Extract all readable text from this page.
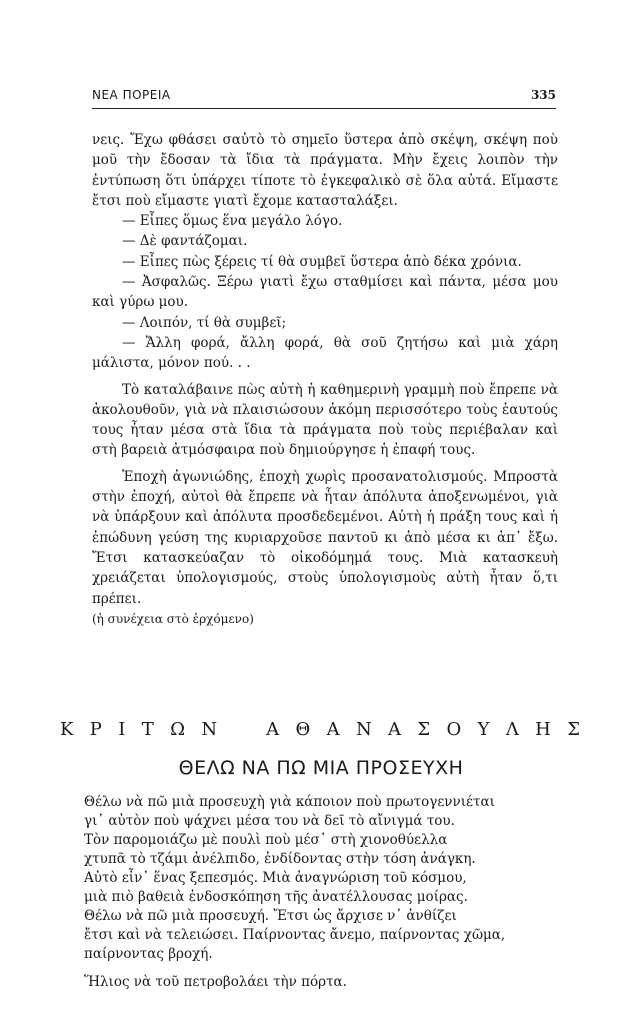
ΝΕΑ ΠΟΡΕΙΑ	335

νεις. Ἔχω φθάσει σαὐτὸ τὸ σημεῖο ὕστερα ἀπὸ σκέψη, σκέψη ποὺ μοῦ τὴν ἔδοσαν τὰ ἴδια τὰ πράγματα. Μὴν ἔχεις λοιπὸν τὴν ἐντύπωση ὅτι ὑπάρχει τίποτε τὸ ἐγκεφαλικὸ σὲ ὅλα αὐτά. Εἴμαστε ἔτσι ποὺ εἴμαστε γιατὶ ἔχομε κατασταλάξει.

— Εἶπες ὅμως ἕνα μεγάλο λόγο.

— Δὲ φαντάζομαι.

— Εἶπες πὼς ξέρεις τί θὰ συμβεῖ ὕστερα ἀπὸ δέκα χρόνια.

— Ἀσφαλῶς. Ξέρω γιατὶ ἔχω σταθμίσει καὶ πάντα, μέσα μου καὶ γύρω μου.

— Λοιπόν, τί θὰ συμβεῖ;

— Ἄλλη φορά, ἄλλη φορά, θὰ σοῦ ζητήσω καὶ μιὰ χάρη μάλιστα, μόνον πού. . .

Τὸ καταλάβαινε πὼς αὐτὴ ἡ καθημερινὴ γραμμὴ ποὺ ἔπρεπε νὰ ἀκολουθοῦν, γιὰ νὰ πλαισιώσουν ἀκόμη περισσότερο τοὺς ἑαυτούς τους ἦταν μέσα στὰ ἴδια τὰ πράγματα ποὺ τοὺς περιέβαλαν καὶ στὴ βαρειὰ ἀτμόσφαιρα ποὺ δημιούργησε ἡ ἐπαφή τους.

Ἐποχὴ ἀγωνιώδης, ἐποχὴ χωρὶς προσανατολισμούς. Μπροστὰ στὴν ἐποχή, αὐτοὶ θὰ ἔπρεπε νὰ ἦταν ἀπόλυτα ἀποξενωμένοι, γιὰ νὰ ὑπάρξουν καὶ ἀπόλυτα προσδεδεμένοι. Αὐτὴ ἡ πράξη τους καὶ ἡ ἐπώδυνη γεύση της κυριαρχοῦσε παντοῦ κι ἀπὸ μέσα κι ἀπ᾽ ἔξω. Ἔτσι κατασκεύαζαν τὸ οἰκοδόμημά τους. Μιὰ κατασκευὴ χρειάζεται ὑπολογισμούς, στοὺς ὑπολογισμοὺς αὐτὴ ἦταν ὅ,τι πρέπει.

(ἡ συνέχεια στὸ ἐρχόμενο)

Κ Ρ Ι Τ Ω Ν	Α Θ Α Ν Α Σ Ο Υ Λ Η Σ
ΘΕΛΩ ΝΑ ΠΩ ΜΙΑ ΠΡΟΣΕΥΧΗ
Θέλω νὰ πῶ μιὰ προσευχὴ γιὰ κάποιον ποὺ πρωτογεννιέται
γι᾽ αὐτὸν ποὺ ψάχνει μέσα του νὰ δεῖ τὸ αἴνιγμά του.
Τὸν παρομοιάζω μὲ πουλὶ ποὺ μέσ᾽ στὴ χιονοθύελλα
χτυπᾶ τὸ τζάμι ἀνέλπιδο, ἐνδίδοντας στὴν τόση ἀνάγκη.
Αὐτὸ εἶν᾽ ἕνας ξεπεσμός. Μιὰ ἀναγνώριση τοῦ κόσμου,
μιὰ πιὸ βαθειὰ ἐνδοσκόπηση τῆς ἀνατέλλουσας μοίρας.
Θέλω νὰ πῶ μιὰ προσευχή. Ἔτσι ὡς ἄρχισε ν᾽ ἀνθίζει
ἔτσι καὶ νὰ τελειώσει. Παίρνοντας ἄνεμο, παίρνοντας χῶμα,
παίρνοντας βροχή.
Ἥλιος νὰ τοῦ πετροβολάει τὴν πόρτα.
